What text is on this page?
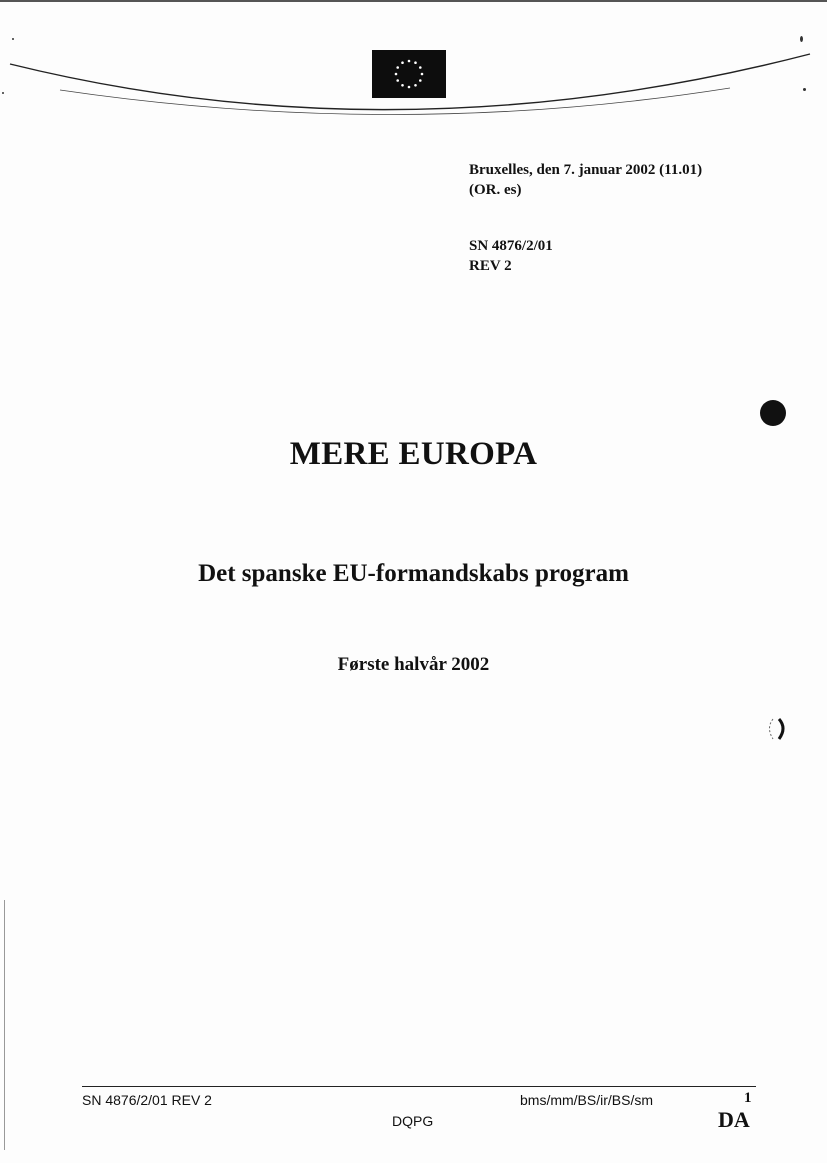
Bruxelles, den 7. januar 2002 (11.01)
(OR. es)
SN 4876/2/01
REV 2
MERE EUROPA
Det spanske EU-formandskabs program
Første halvår 2002
SN 4876/2/01 REV 2	bms/mm/BS/ir/BS/sm	1
DQPG	DA
